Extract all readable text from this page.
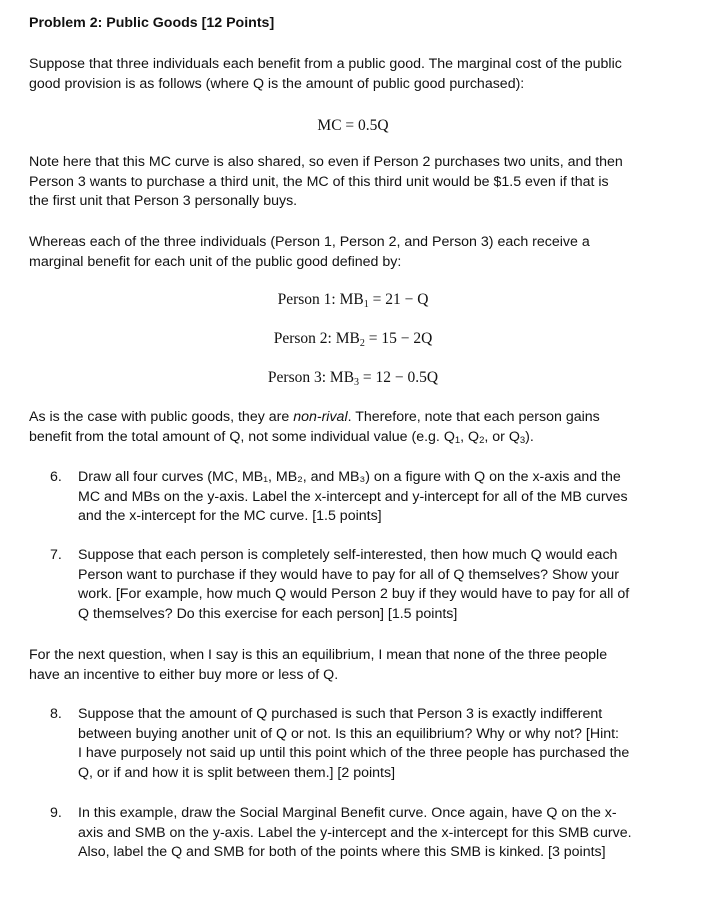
Problem 2: Public Goods [12 Points]
Suppose that three individuals each benefit from a public good. The marginal cost of the public
good provision is as follows (where Q is the amount of public good purchased):

MC = 0.5Q

Note here that this MC curve is also shared, so even if Person 2 purchases two units, and then
Person 3 wants to purchase a third unit, the MC of this third unit would be $1.5 even if that is
the first unit that Person 3 personally buys.
Whereas each of the three individuals (Person 1, Person 2, and Person 3) each receive a
marginal benefit for each unit of the public good defined by:

Person 1: $MB_1 = 21 - Q$

Person 2: $MB_2 = 15 - 2Q$

Person 3: $MB_3 = 12 - 0.5Q$

As is the case with public goods, they are non-rival. Therefore, note that each person gains
benefit from the total amount of Q, not some individual value (e.g. $Q_1$, $Q_2$, or $Q_3$).
6.	Draw all four curves (MC, MB₁, MB₂, and MB₃) on a figure with Q on the x-axis and the
MC and MBs on the y-axis. Label the x-intercept and y-intercept for all of the MB curves
and the x-intercept for the MC curve. [1.5 points]
7.	Suppose that each person is completely self-interested, then how much Q would each
Person want to purchase if they would have to pay for all of Q themselves? Show your
work. [For example, how much Q would Person 2 buy if they would have to pay for all of
Q themselves? Do this exercise for each person] [1.5 points]
For the next question, when I say is this an equilibrium, I mean that none of the three people
have an incentive to either buy more or less of Q.
8.	Suppose that the amount of Q purchased is such that Person 3 is exactly indifferent
between buying another unit of Q or not. Is this an equilibrium? Why or why not? [Hint:
I have purposely not said up until this point which of the three people has purchased the
Q, or if and how it is split between them.] [2 points]
9.	In this example, draw the Social Marginal Benefit curve. Once again, have Q on the x-
axis and SMB on the y-axis. Label the y-intercept and the x-intercept for this SMB curve.
Also, label the Q and SMB for both of the points where this SMB is kinked. [3 points]
